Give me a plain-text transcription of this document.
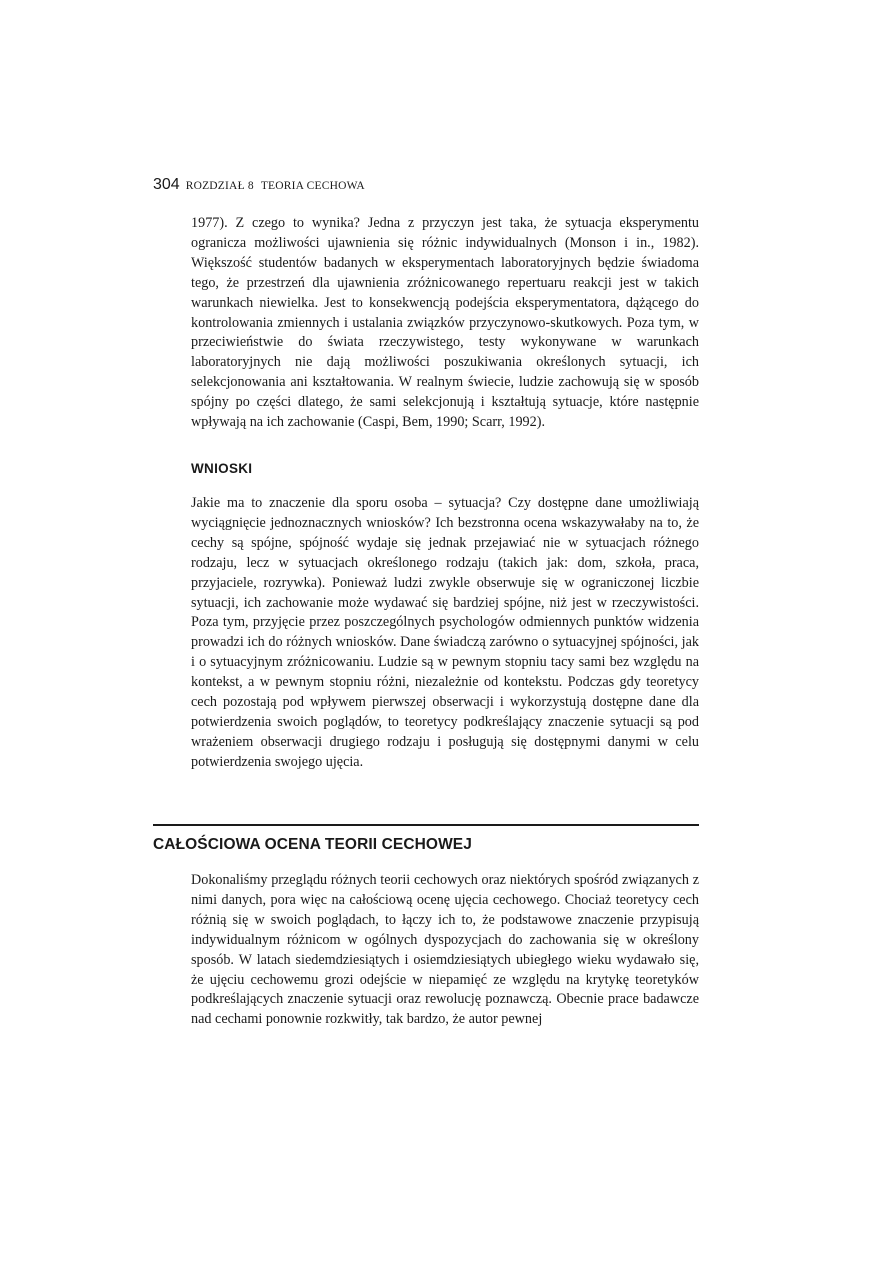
304 ROZDZIAŁ 8 TEORIA CECHOWA

1977). Z czego to wynika? Jedna z przyczyn jest taka, że sytuacja eksperymentu ogranicza możliwości ujawnienia się różnic indywidualnych (Monson i in., 1982). Większość studentów badanych w eksperymentach laboratoryjnych będzie świadoma tego, że przestrzeń dla ujawnienia zróżnicowanego repertuaru reakcji jest w takich warunkach niewielka. Jest to konsekwencją podejścia eksperymentatora, dążącego do kontrolowania zmiennych i ustalania związków przyczynowo-skutkowych. Poza tym, w przeciwieństwie do świata rzeczywistego, testy wykonywane w warunkach laboratoryjnych nie dają możliwości poszukiwania określonych sytuacji, ich selekcjonowania ani kształtowania. W realnym świecie, ludzie zachowują się w sposób spójny po części dlatego, że sami selekcjonują i kształtują sytuacje, które następnie wpływają na ich zachowanie (Caspi, Bem, 1990; Scarr, 1992).

WNIOSKI

Jakie ma to znaczenie dla sporu osoba – sytuacja? Czy dostępne dane umożliwiają wyciągnięcie jednoznacznych wniosków? Ich bezstronna ocena wskazywałaby na to, że cechy są spójne, spójność wydaje się jednak przejawiać nie w sytuacjach różnego rodzaju, lecz w sytuacjach określonego rodzaju (takich jak: dom, szkoła, praca, przyjaciele, rozrywka). Ponieważ ludzi zwykle obserwuje się w ograniczonej liczbie sytuacji, ich zachowanie może wydawać się bardziej spójne, niż jest w rzeczywistości. Poza tym, przyjęcie przez poszczególnych psychologów odmiennych punktów widzenia prowadzi ich do różnych wniosków. Dane świadczą zarówno o sytuacyjnej spójności, jak i o sytuacyjnym zróżnicowaniu. Ludzie są w pewnym stopniu tacy sami bez względu na kontekst, a w pewnym stopniu różni, niezależnie od kontekstu. Podczas gdy teoretycy cech pozostają pod wpływem pierwszej obserwacji i wykorzystują dostępne dane dla potwierdzenia swoich poglądów, to teoretycy podkreślający znaczenie sytuacji są pod wrażeniem obserwacji drugiego rodzaju i posługują się dostępnymi danymi w celu potwierdzenia swojego ujęcia.

CAŁOŚCIOWA OCENA TEORII CECHOWEJ

Dokonaliśmy przeglądu różnych teorii cechowych oraz niektórych spośród związanych z nimi danych, pora więc na całościową ocenę ujęcia cechowego. Chociaż teoretycy cech różnią się w swoich poglądach, to łączy ich to, że podstawowe znaczenie przypisują indywidualnym różnicom w ogólnych dyspozycjach do zachowania się w określony sposób. W latach siedemdziesiątych i osiemdziesiątych ubiegłego wieku wydawało się, że ujęciu cechowemu grozi odejście w niepamięć ze względu na krytykę teoretyków podkreślających znaczenie sytuacji oraz rewolucję poznawczą. Obecnie prace badawcze nad cechami ponownie rozkwitły, tak bardzo, że autor pewnej
